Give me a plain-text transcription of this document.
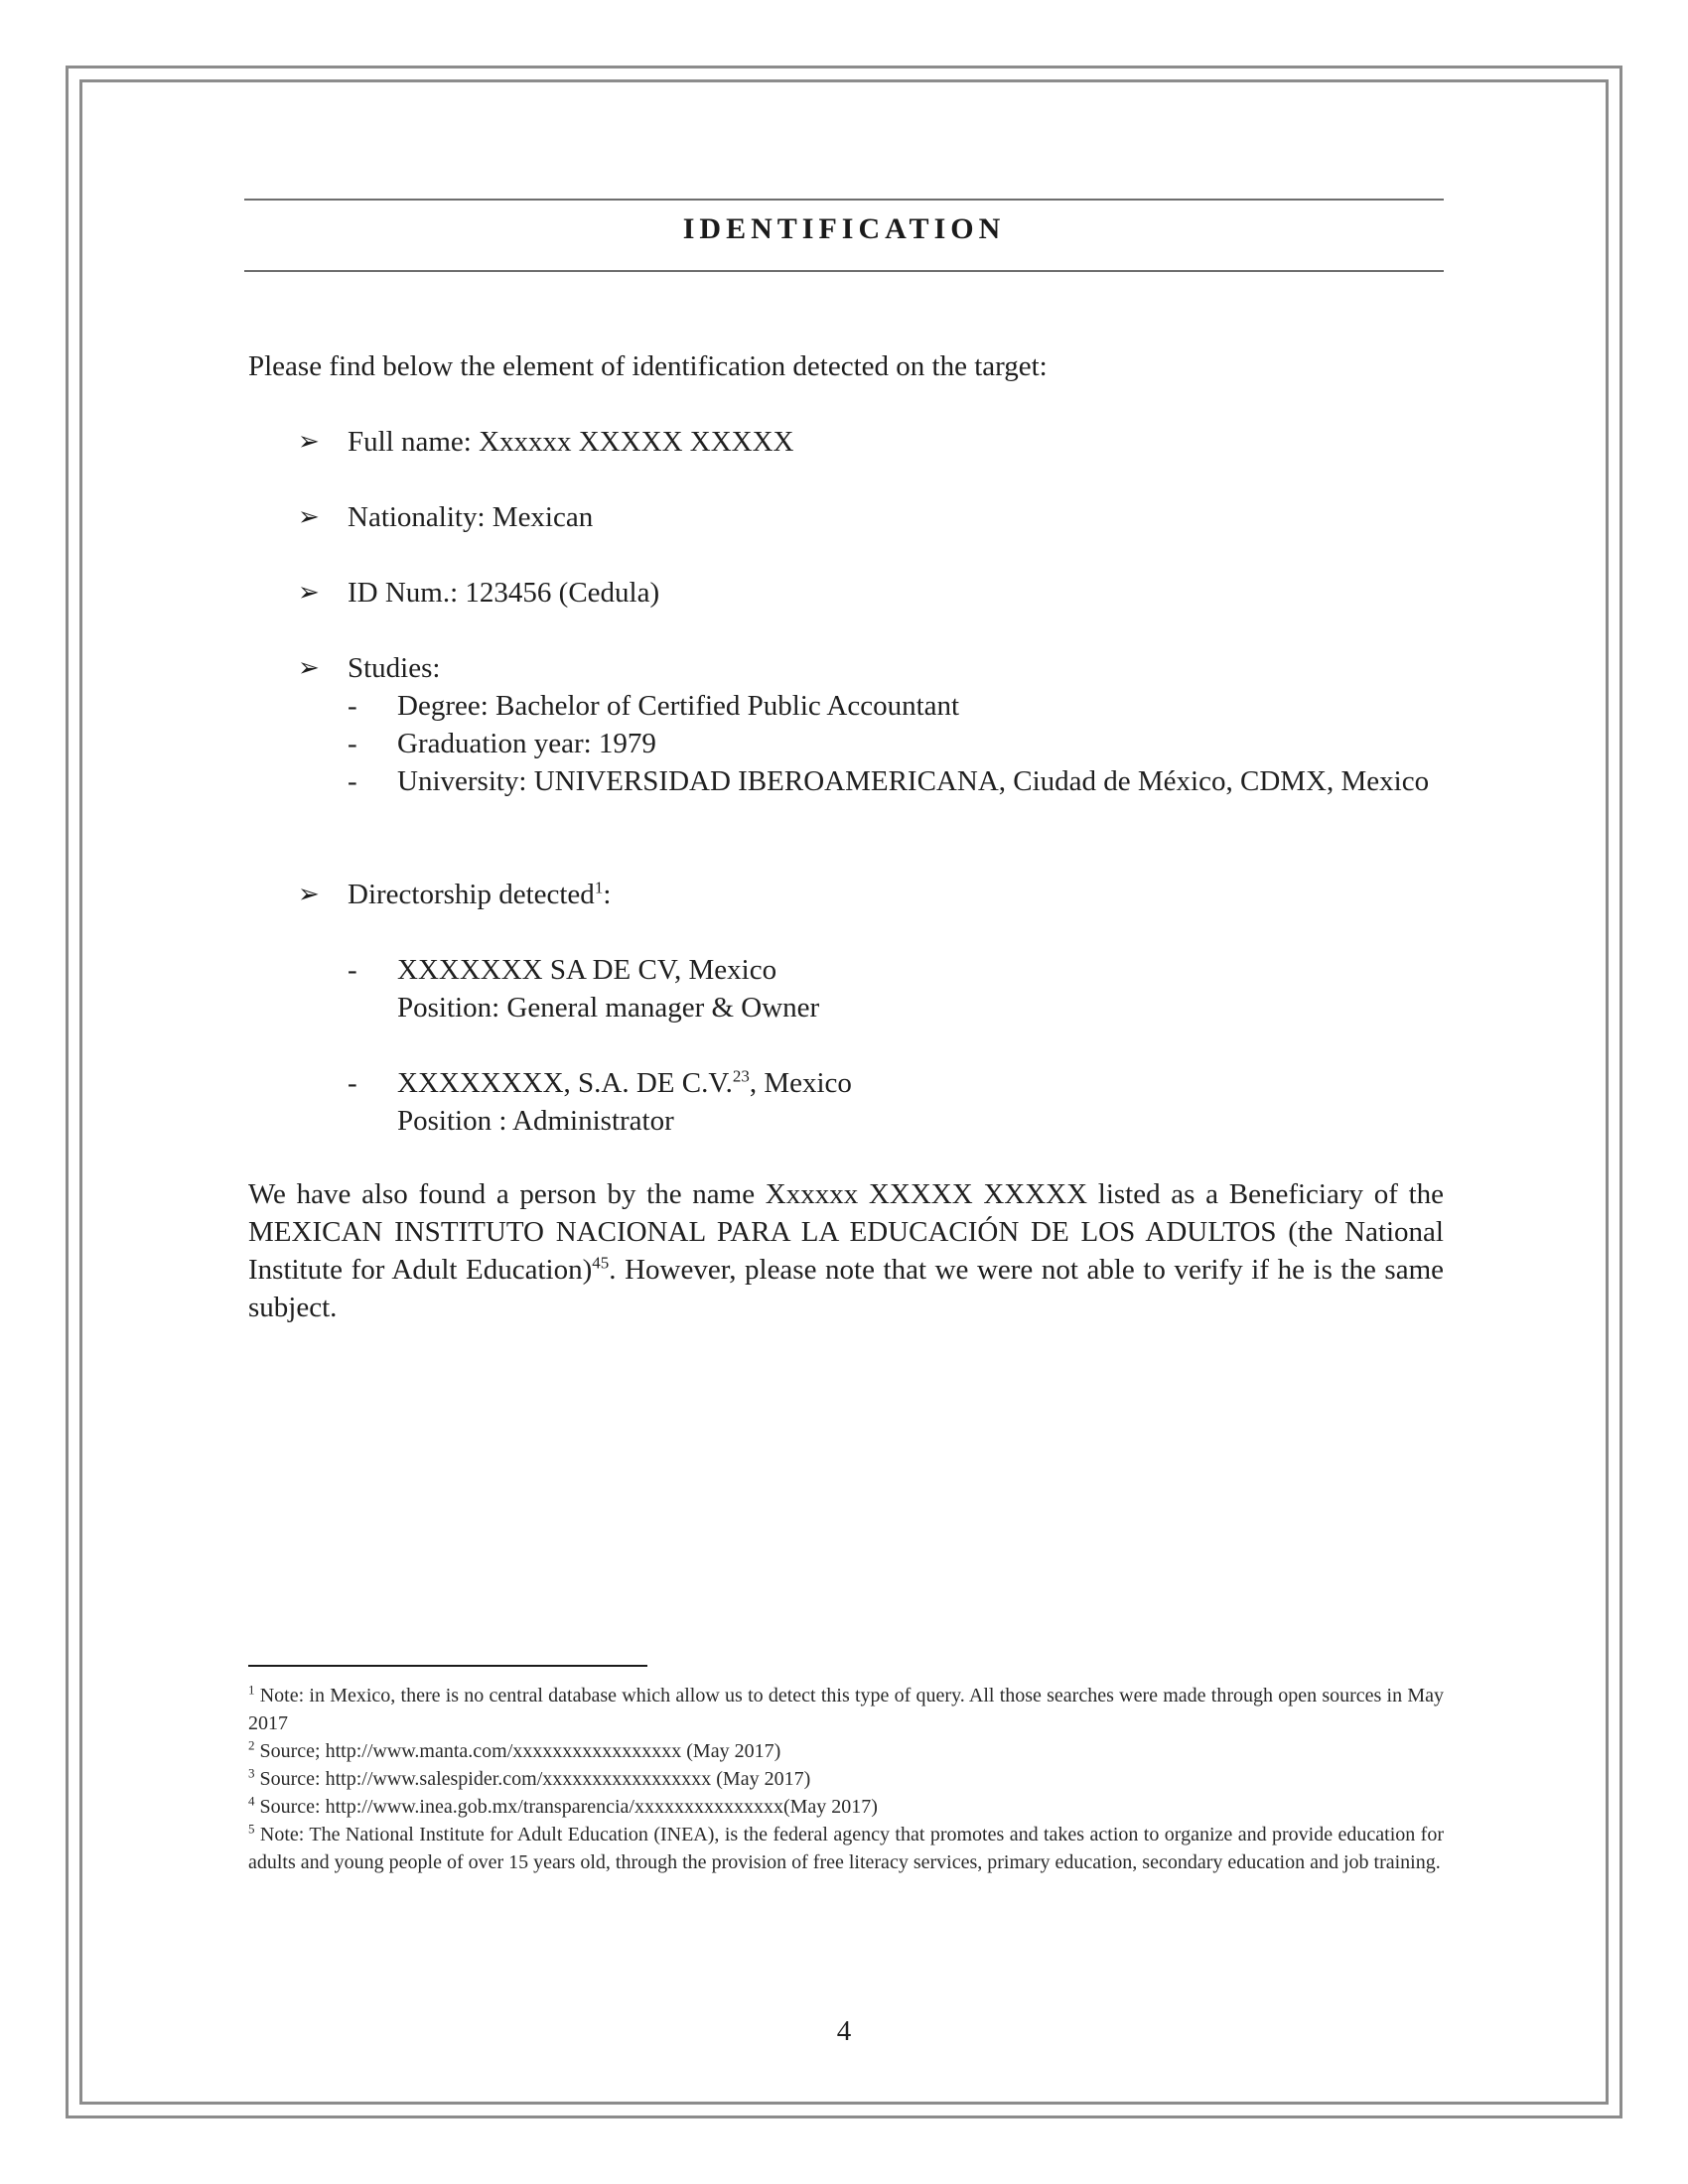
IDENTIFICATION
Please find below the element of identification detected on the target:
➢ Full name: Xxxxxx XXXXX XXXXX
➢ Nationality: Mexican
➢ ID Num.: 123456 (Cedula)
➢ Studies:
- Degree: Bachelor of Certified Public Accountant
- Graduation year: 1979
- University: UNIVERSIDAD IBEROAMERICANA, Ciudad de México, CDMX, Mexico
➢ Directorship detected$^1$:
- XXXXXXX SA DE CV, Mexico
Position: General manager & Owner
- XXXXXXXX, S.A. DE C.V.$^{23}$, Mexico
Position : Administrator
We have also found a person by the name Xxxxxx XXXXX XXXXX listed as a Beneficiary of the MEXICAN INSTITUTO NACIONAL PARA LA EDUCACIÓN DE LOS ADULTOS (the National Institute for Adult Education)$^{45}$. However, please note that we were not able to verify if he is the same subject.
$^1$ Note: in Mexico, there is no central database which allow us to detect this type of query. All those searches were made through open sources in May 2017
$^2$ Source; http://www.manta.com/xxxxxxxxxxxxxxxxx (May 2017)
$^3$ Source: http://www.salespider.com/xxxxxxxxxxxxxxxxx (May 2017)
$^4$ Source: http://www.inea.gob.mx/transparencia/xxxxxxxxxxxxxxx(May 2017)
$^5$ Note: The National Institute for Adult Education (INEA), is the federal agency that promotes and takes action to organize and provide education for adults and young people of over 15 years old, through the provision of free literacy services, primary education, secondary education and job training.
4
